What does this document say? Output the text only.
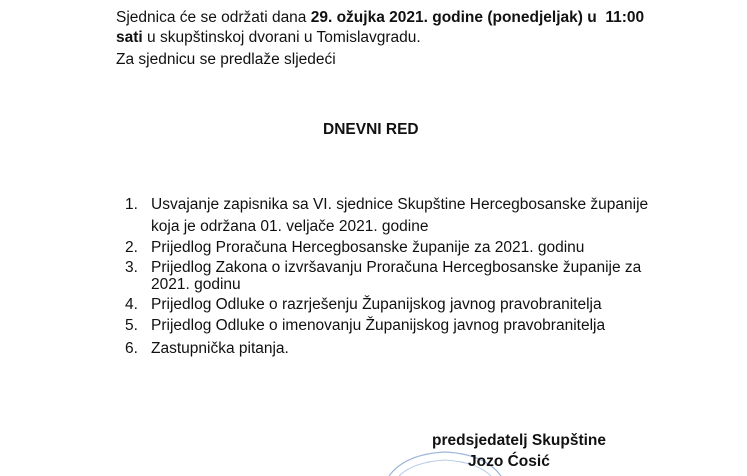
Sjednica će se održati dana 29. ožujka 2021. godine (ponedjeljak) u 11:00
sati u skupštinskoj dvorani u Tomislavgradu.
Za sjednicu se predlaže sljedeći
DNEVNI RED
1. Usvajanje zapisnika sa VI. sjednice Skupštine Hercegbosanske županije
koja je održana 01. veljače 2021. godine
2. Prijedlog Proračuna Hercegbosanske županije za 2021. godinu
3. Prijedlog Zakona o izvršavanju Proračuna Hercegbosanske županije za
2021. godinu
4. Prijedlog Odluke o razrješenju Županijskog javnog pravobranitelja
5. Prijedlog Odluke o imenovanju Županijskog javnog pravobranitelja
6. Zastupnička pitanja.
predsjedatelj Skupštine
Jozo Ćosić
